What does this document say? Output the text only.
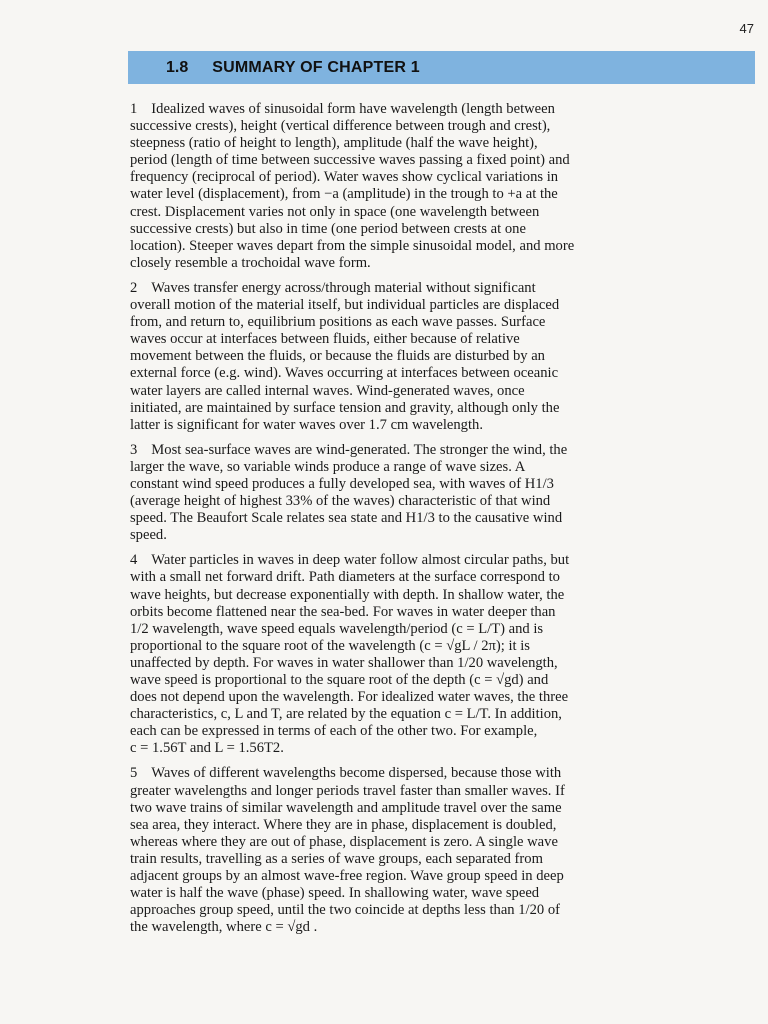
47
1.8 SUMMARY OF CHAPTER 1
1 Idealized waves of sinusoidal form have wavelength (length between
successive crests), height (vertical difference between trough and crest),
steepness (ratio of height to length), amplitude (half the wave height),
period (length of time between successive waves passing a fixed point) and
frequency (reciprocal of period). Water waves show cyclical variations in
water level (displacement), from −a (amplitude) in the trough to +a at the
crest. Displacement varies not only in space (one wavelength between
successive crests) but also in time (one period between crests at one
location). Steeper waves depart from the simple sinusoidal model, and more
closely resemble a trochoidal wave form.
2 Waves transfer energy across/through material without significant
overall motion of the material itself, but individual particles are displaced
from, and return to, equilibrium positions as each wave passes. Surface
waves occur at interfaces between fluids, either because of relative
movement between the fluids, or because the fluids are disturbed by an
external force (e.g. wind). Waves occurring at interfaces between oceanic
water layers are called internal waves. Wind-generated waves, once
initiated, are maintained by surface tension and gravity, although only the
latter is significant for water waves over 1.7 cm wavelength.
3 Most sea-surface waves are wind-generated. The stronger the wind, the
larger the wave, so variable winds produce a range of wave sizes. A
constant wind speed produces a fully developed sea, with waves of H1/3
(average height of highest 33% of the waves) characteristic of that wind
speed. The Beaufort Scale relates sea state and H1/3 to the causative wind
speed.
4 Water particles in waves in deep water follow almost circular paths, but
with a small net forward drift. Path diameters at the surface correspond to
wave heights, but decrease exponentially with depth. In shallow water, the
orbits become flattened near the sea-bed. For waves in water deeper than
1/2 wavelength, wave speed equals wavelength/period (c = L/T) and is
proportional to the square root of the wavelength (c = √gL / 2π); it is
unaffected by depth. For waves in water shallower than 1/20 wavelength,
wave speed is proportional to the square root of the depth (c = √gd) and
does not depend upon the wavelength. For idealized water waves, the three
characteristics, c, L and T, are related by the equation c = L/T. In addition,
each can be expressed in terms of each of the other two. For example,
c = 1.56T and L = 1.56T2.
5 Waves of different wavelengths become dispersed, because those with
greater wavelengths and longer periods travel faster than smaller waves. If
two wave trains of similar wavelength and amplitude travel over the same
sea area, they interact. Where they are in phase, displacement is doubled,
whereas where they are out of phase, displacement is zero. A single wave
train results, travelling as a series of wave groups, each separated from
adjacent groups by an almost wave-free region. Wave group speed in deep
water is half the wave (phase) speed. In shallowing water, wave speed
approaches group speed, until the two coincide at depths less than 1/20 of
the wavelength, where c = √gd .
